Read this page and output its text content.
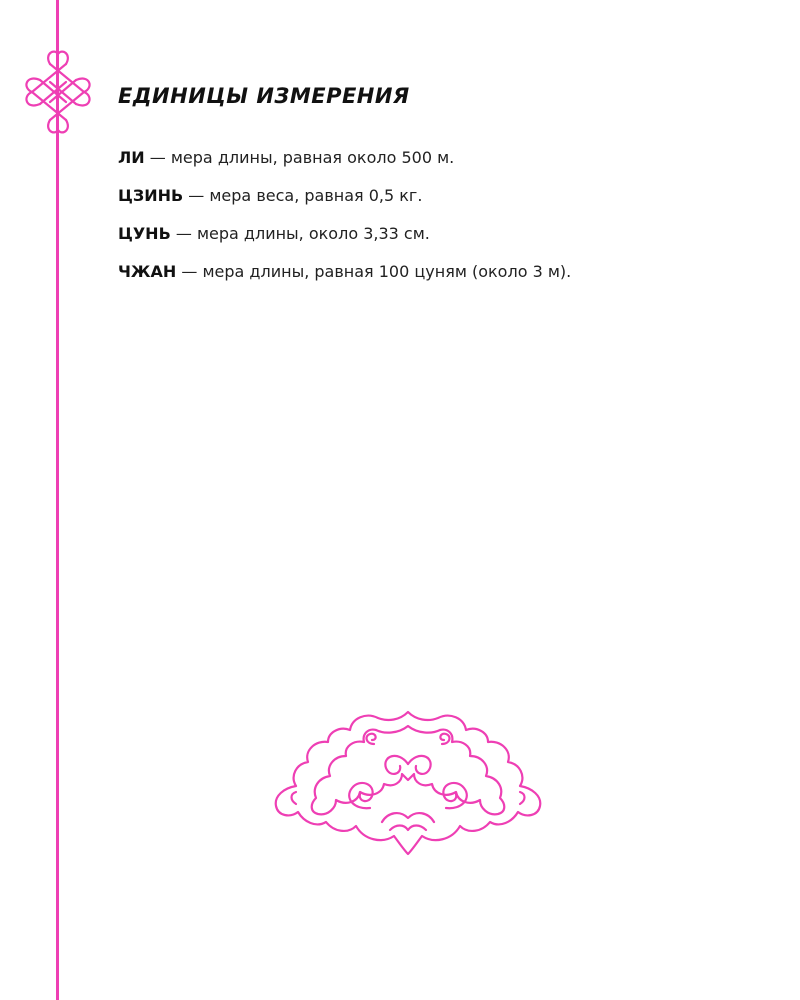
ЕДИНИЦЫ ИЗМЕРЕНИЯ
ЛИ — мера длины, равная около 500 м.
ЦЗИНЬ — мера веса, равная 0,5 кг.
ЦУНЬ — мера длины, около 3,33 см.
ЧЖАН — мера длины, равная 100 цуням (около 3 м).
